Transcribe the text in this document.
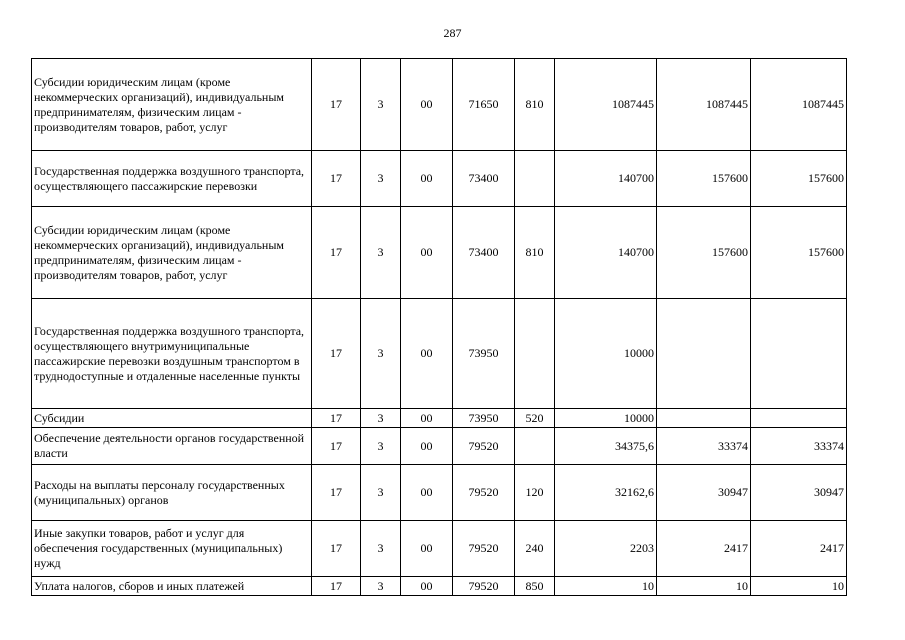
287
Субсидии юридическим лицам (кроме некоммерческих организаций), индивидуальным предпринимателям, физическим лицам - производителям товаров, работ, услуг	17	3	00	71650	810	1087445	1087445	1087445
Государственная поддержка воздушного транспорта, осуществляющего пассажирские перевозки	17	3	00	73400		140700	157600	157600
Субсидии юридическим лицам (кроме некоммерческих организаций), индивидуальным предпринимателям, физическим лицам - производителям товаров, работ, услуг	17	3	00	73400	810	140700	157600	157600
Государственная поддержка воздушного транспорта, осуществляющего внутримуниципальные пассажирские перевозки воздушным транспортом в труднодоступные и отдаленные населенные пункты	17	3	00	73950		10000		
Субсидии	17	3	00	73950	520	10000		
Обеспечение деятельности органов государственной власти	17	3	00	79520		34375,6	33374	33374
Расходы на выплаты персоналу государственных (муниципальных) органов	17	3	00	79520	120	32162,6	30947	30947
Иные закупки товаров, работ и услуг для обеспечения государственных (муниципальных) нужд	17	3	00	79520	240	2203	2417	2417
Уплата налогов, сборов и иных платежей	17	3	00	79520	850	10	10	10
